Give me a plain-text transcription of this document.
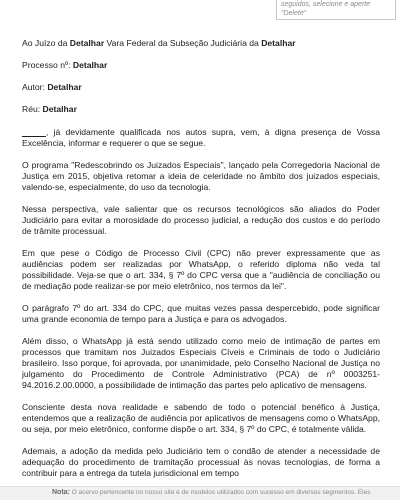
seguidos, selecione e aperte
"Delete"

Ao Juízo da Detalhar Vara Federal da Subseção Judiciária da Detalhar

Processo nº: Detalhar

Autor: Detalhar

Réu: Detalhar

_____, já devidamente qualificada nos autos supra, vem, à digna presença de Vossa Excelência, informar e requerer o que se segue.

O programa "Redescobrindo os Juizados Especiais", lançado pela Corregedoria Nacional de Justiça em 2015, objetiva retomar a ideia de celeridade no âmbito dos juizados especiais, valendo-se, especialmente, do uso da tecnologia.

Nessa perspectiva, vale salientar que os recursos tecnológicos são aliados do Poder Judiciário para evitar a morosidade do processo judicial, a redução dos custos e do período de trâmite processual.

Em que pese o Código de Processo Civil (CPC) não prever expressamente que as audiências podem ser realizadas por WhatsApp, o referido diploma não veda tal possibilidade. Veja-se que o art. 334, § 7º do CPC versa que a "audiência de conciliação ou de mediação pode realizar-se por meio eletrônico, nos termos da lei".

O parágrafo 7º do art. 334 do CPC, que muitas vezes passa despercebido, pode significar uma grande economia de tempo para a Justiça e para os advogados.

Além disso, o WhatsApp já está sendo utilizado como meio de intimação de partes em processos que tramitam nos Juizados Especiais Cíveis e Criminais de todo o Judiciário brasileiro. Isso porque, foi aprovada, por unanimidade, pelo Conselho Nacional de Justiça no julgamento do Procedimento de Controle Administrativo (PCA) de nº 0003251-94.2016.2.00.0000, a possibilidade de intimação das partes pelo aplicativo de mensagens.

Consciente desta nova realidade e sabendo de todo o potencial benéfico à Justiça, entendemos que a realização de audiência por aplicativos de mensagens como o WhatsApp, ou seja, por meio eletrônico, conforme dispõe o art. 334, § 7º do CPC, é totalmente válida.

Ademais, a adoção da medida pelo Judiciário tem o condão de atender a necessidade de adequação do procedimento de tramitação processual às novas tecnologias, de forma a contribuir para a entrega da tutela jurisdicional em tempo

Nota: O acervo pertencente no nosso site é de modelos utilizados com sucesso em diversos segmentos. Eles
